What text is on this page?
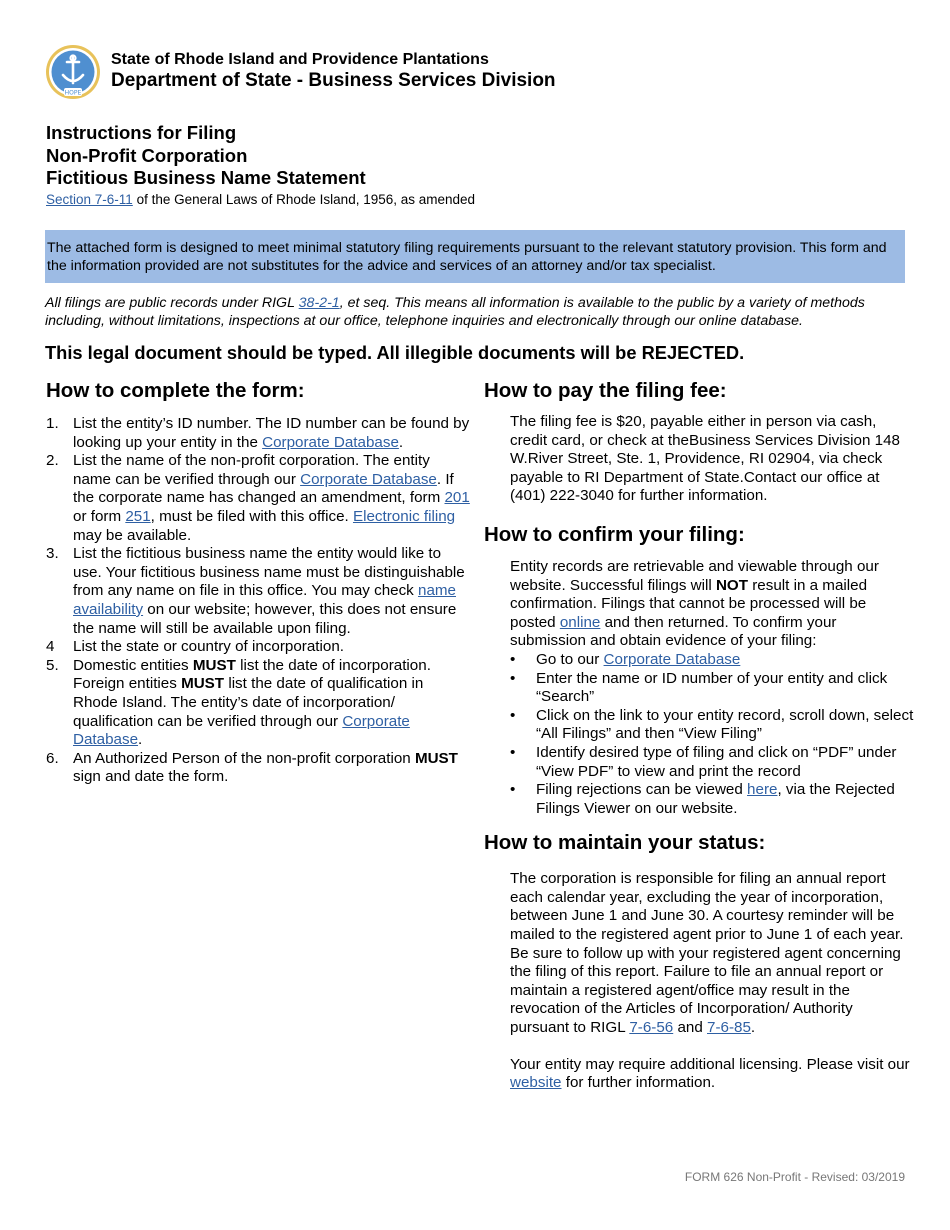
HOPE
State of Rhode Island and Providence Plantations
Department of State - Business Services Division
Instructions for Filing
Non-Profit Corporation
Fictitious Business Name Statement
Section 7-6-11 of the General Laws of Rhode Island, 1956, as amended
The attached form is designed to meet minimal statutory filing requirements pursuant to the relevant statutory provision. This form and the information provided are not substitutes for the advice and services of an attorney and/or tax specialist.
All filings are public records under RIGL 38-2-1, et seq. This means all information is available to the public by a variety of methods including, without limitations, inspections at our office, telephone inquiries and electronically through our online database.
This legal document should be typed. All illegible documents will be REJECTED.
How to complete the form:
1. List the entity’s ID number. The ID number can be found by looking up your entity in the Corporate Database.
2. List the name of the non-profit corporation. The entity name can be verified through our Corporate Database. If the corporate name has changed an amendment, form 201 or form 251, must be filed with this office. Electronic filing may be available.
3. List the fictitious business name the entity would like to use. Your fictitious business name must be distinguishable from any name on file in this office. You may check name availability on our website; however, this does not ensure the name will still be available upon filing.
4 List the state or country of incorporation.
5. Domestic entities MUST list the date of incorporation. Foreign entities MUST list the date of qualification in Rhode Island. The entity’s date of incorporation/ qualification can be verified through our Corporate Database.
6. An Authorized Person of the non-profit corporation MUST sign and date the form.
How to pay the filing fee:
The filing fee is $20, payable either in person via cash, credit card, or check at theBusiness Services Division 148 W.River Street, Ste. 1, Providence, RI 02904, via check payable to RI Department of State.Contact our office at (401) 222-3040 for further information.
How to confirm your filing:
Entity records are retrievable and viewable through our website. Successful filings will NOT result in a mailed confirmation. Filings that cannot be processed will be posted online and then returned. To confirm your submission and obtain evidence of your filing:
• Go to our Corporate Database
• Enter the name or ID number of your entity and click “Search”
• Click on the link to your entity record, scroll down, select “All Filings” and then “View Filing”
• Identify desired type of filing and click on “PDF” under “View PDF” to view and print the record
• Filing rejections can be viewed here, via the Rejected Filings Viewer on our website.
How to maintain your status:
The corporation is responsible for filing an annual report each calendar year, excluding the year of incorporation, between June 1 and June 30. A courtesy reminder will be mailed to the registered agent prior to June 1 of each year. Be sure to follow up with your registered agent concerning the filing of this report. Failure to file an annual report or maintain a registered agent/office may result in the revocation of the Articles of Incorporation/ Authority pursuant to RIGL 7-6-56 and 7-6-85.
Your entity may require additional licensing. Please visit our website for further information.
FORM 626 Non-Profit - Revised: 03/2019
